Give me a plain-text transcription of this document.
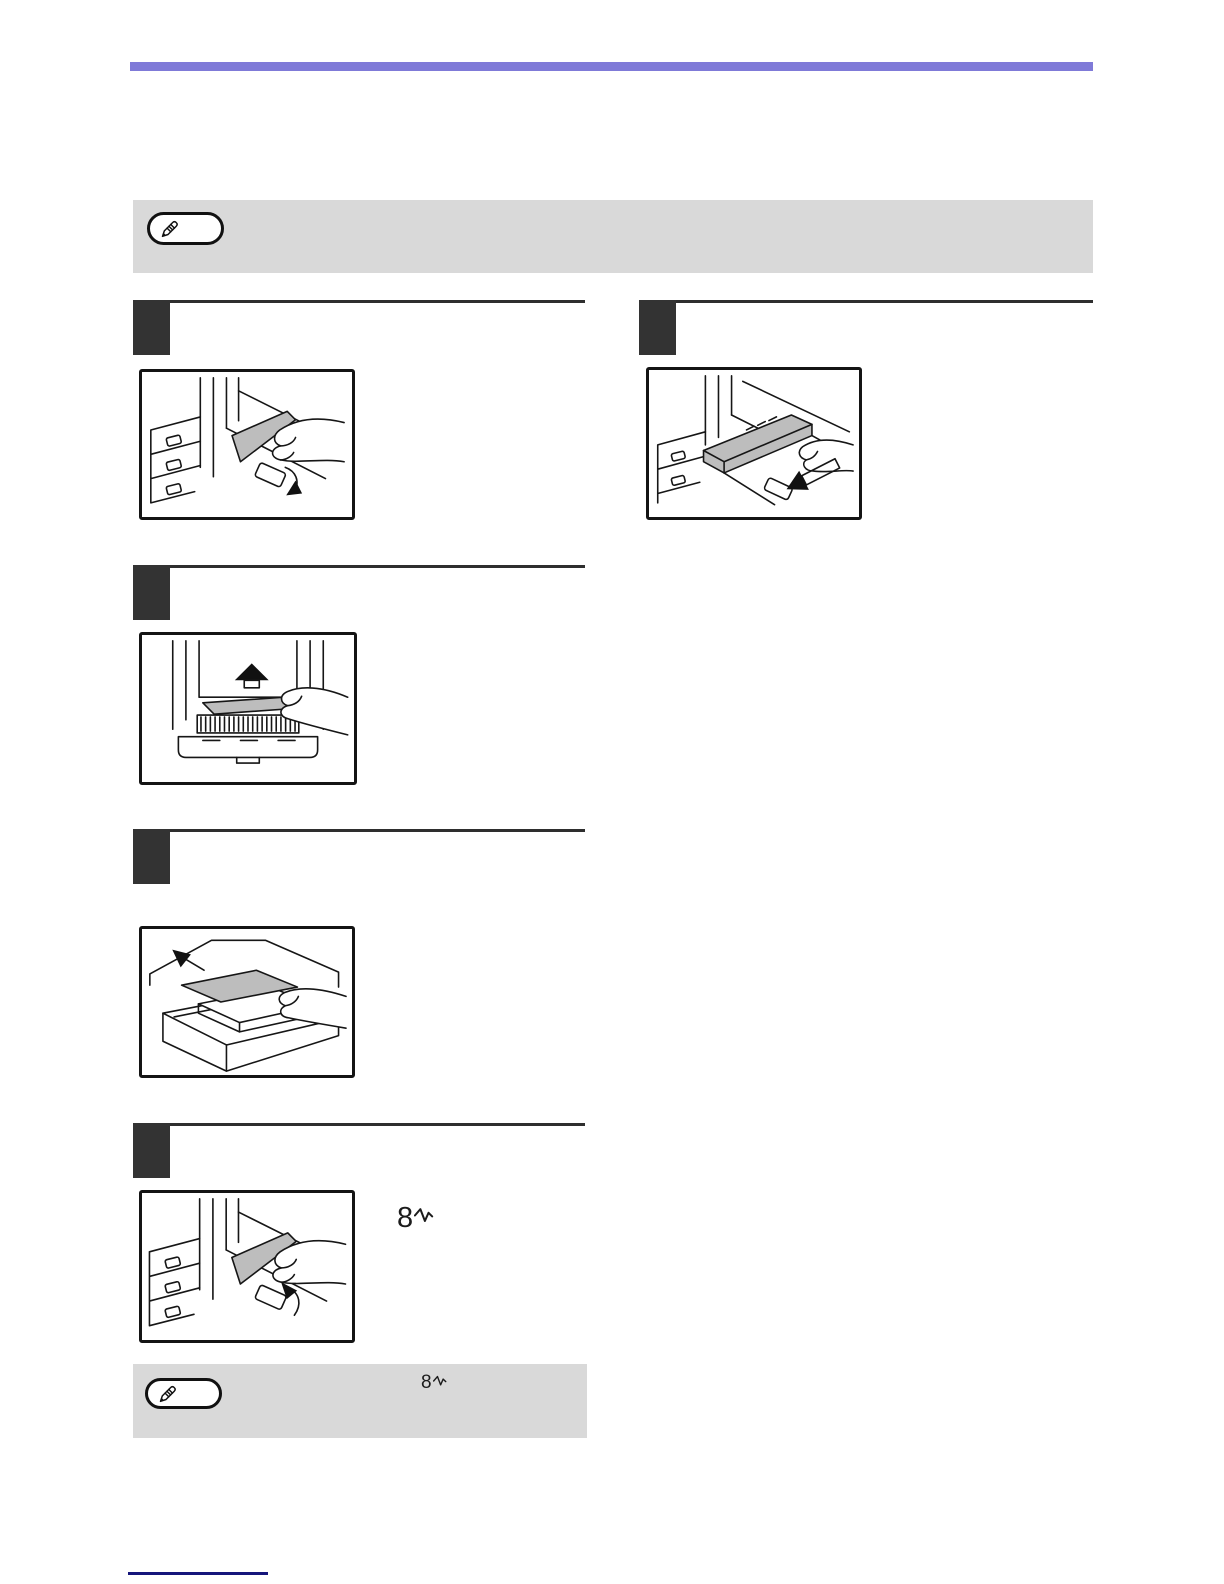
8
8
